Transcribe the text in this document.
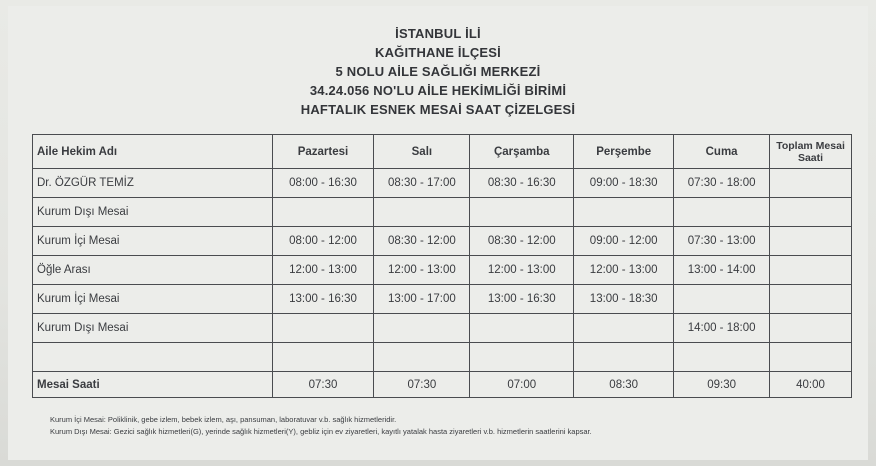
İSTANBUL İLİ
KAĞITHANE İLÇESİ
5 NOLU AİLE SAĞLIĞI MERKEZİ
34.24.056 NO'LU AİLE HEKİMLİĞİ BİRİMİ
HAFTALIK ESNEK MESAİ SAAT ÇİZELGESİ
Aile Hekim Adı	Pazartesi	Salı	Çarşamba	Perşembe	Cuma	Toplam Mesai Saati
Dr. ÖZGÜR TEMİZ	08:00 - 16:30	08:30 - 17:00	08:30 - 16:30	09:00 - 18:30	07:30 - 18:00	
Kurum Dışı Mesai						
Kurum İçi Mesai	08:00 - 12:00	08:30 - 12:00	08:30 - 12:00	09:00 - 12:00	07:30 - 13:00	
Öğle Arası	12:00 - 13:00	12:00 - 13:00	12:00 - 13:00	12:00 - 13:00	13:00 - 14:00	
Kurum İçi Mesai	13:00 - 16:30	13:00 - 17:00	13:00 - 16:30	13:00 - 18:30		
Kurum Dışı Mesai					14:00 - 18:00	

Mesai Saati	07:30	07:30	07:00	08:30	09:30	40:00
Kurum İçi Mesai: Poliklinik, gebe izlem, bebek izlem, aşı, pansuman, laboratuvar v.b. sağlık hizmetleridir.
Kurum Dışı Mesai: Gezici sağlık hizmetleri(G), yerinde sağlık hizmetleri(Y), gebliz için ev ziyaretleri, kayıtlı yatalak hasta ziyaretleri v.b. hizmetlerin saatlerini kapsar.
